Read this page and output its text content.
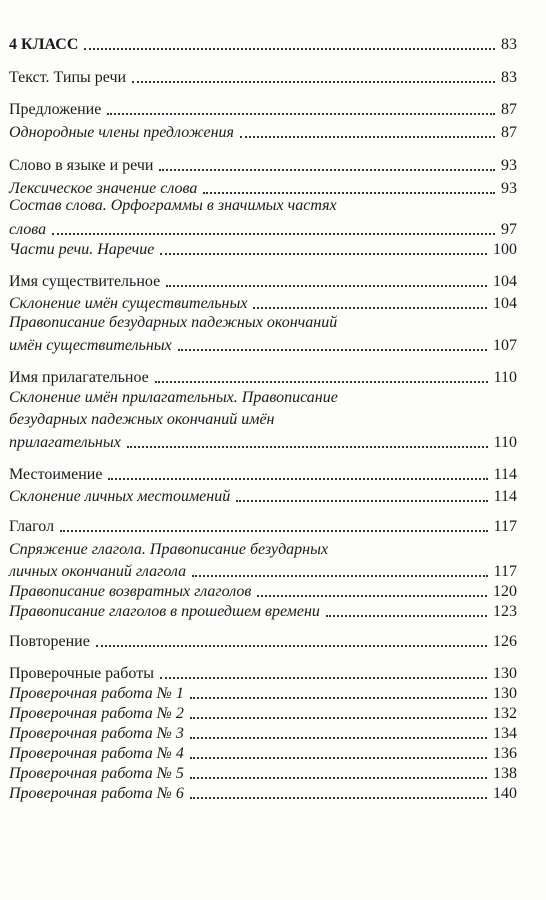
4 КЛАСС	83
Текст. Типы речи	83
Предложение	87
Однородные члены предложения	87
Слово в языке и речи	93
Лексическое значение слова	93
Состав слова. Орфограммы в значимых частях
слова	97
Части речи. Наречие	100
Имя существительное	104
Склонение имён существительных	104
Правописание безударных падежных окончаний
имён существительных	107
Имя прилагательное	110
Склонение имён прилагательных. Правописание
безударных падежных окончаний имён
прилагательных	110
Местоимение	114
Склонение личных местоимений	114
Глагол	117
Спряжение глагола. Правописание безударных
личных окончаний глагола	117
Правописание возвратных глаголов	120
Правописание глаголов в прошедшем времени	123
Повторение	126
Проверочные работы	130
Проверочная работа № 1	130
Проверочная работа № 2	132
Проверочная работа № 3	134
Проверочная работа № 4	136
Проверочная работа № 5	138
Проверочная работа № 6	140
